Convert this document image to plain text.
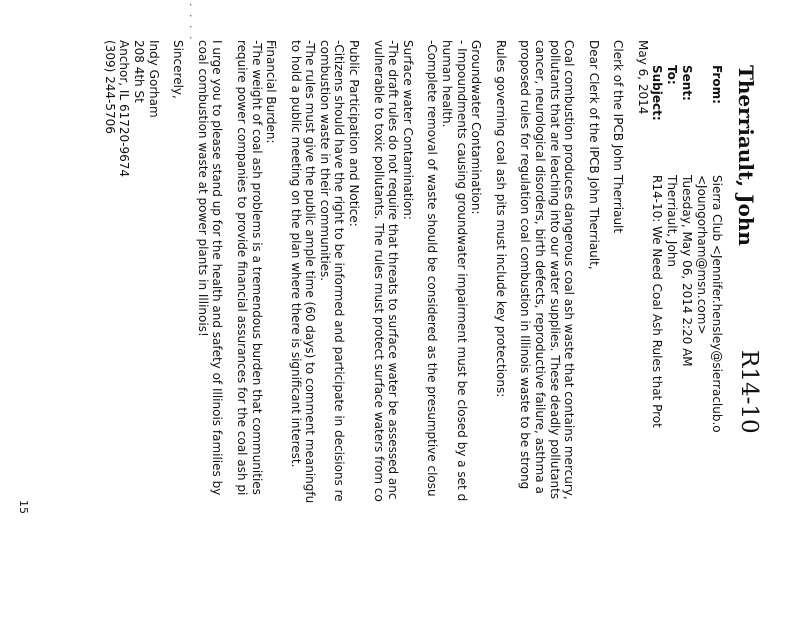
. . . .
Therriault, John
R14-10
From:
Sierra Club <Jennifer.hensley@sierraclub.o
<Joungorham@msn.com>
Sent:
Tuesday, May 06, 2014 2:20 AM
To:
Therriault, John
Subject:
R14-10: We Need Coal Ash Rules that Prot

May 6, 2014

Clerk of the IPCB John Therriault

Dear Clerk of the IPCB John Therriault,

Coal combustion produces dangerous coal ash waste that contains mercury,
pollutants that are leaching into our water supplies. These deadly pollutants
cancer, neurological disorders, birth defects, reproductive failure, asthma a
proposed rules for regulation coal combustion in Illinois waste to be strong

Rules governing coal ash pits must include key protections:

Groundwater Contamination:
- Impoundments causing groundwater impairment must be closed by a set d
human health.
-Complete removal of waste should be considered as the presumptive closu

Surface water Contamination:
-The draft rules do not require that threats to surface water be assessed anc
vulnerable to toxic pollutants. The rules must protect surface waters from co

Public Participation and Notice:
-Citizens should have the right to be informed and participate in decisions re
combustion waste in their communities.
-The rules must give the public ample time (60 days) to comment meaningfu
to hold a public meeting on the plan where there is significant interest.

Financial Burden:
-The weight of coal ash problems is a tremendous burden that communities
require power companies to provide financial assurances for the coal ash pi

I urge you to please stand up for the health and safety of Illinois families by
coal combustion waste at power plants in Illinois!

Sincerely,

Indy Gorham
208 4th St
Anchor, IL 61720-9674
(309) 244-5706

15
